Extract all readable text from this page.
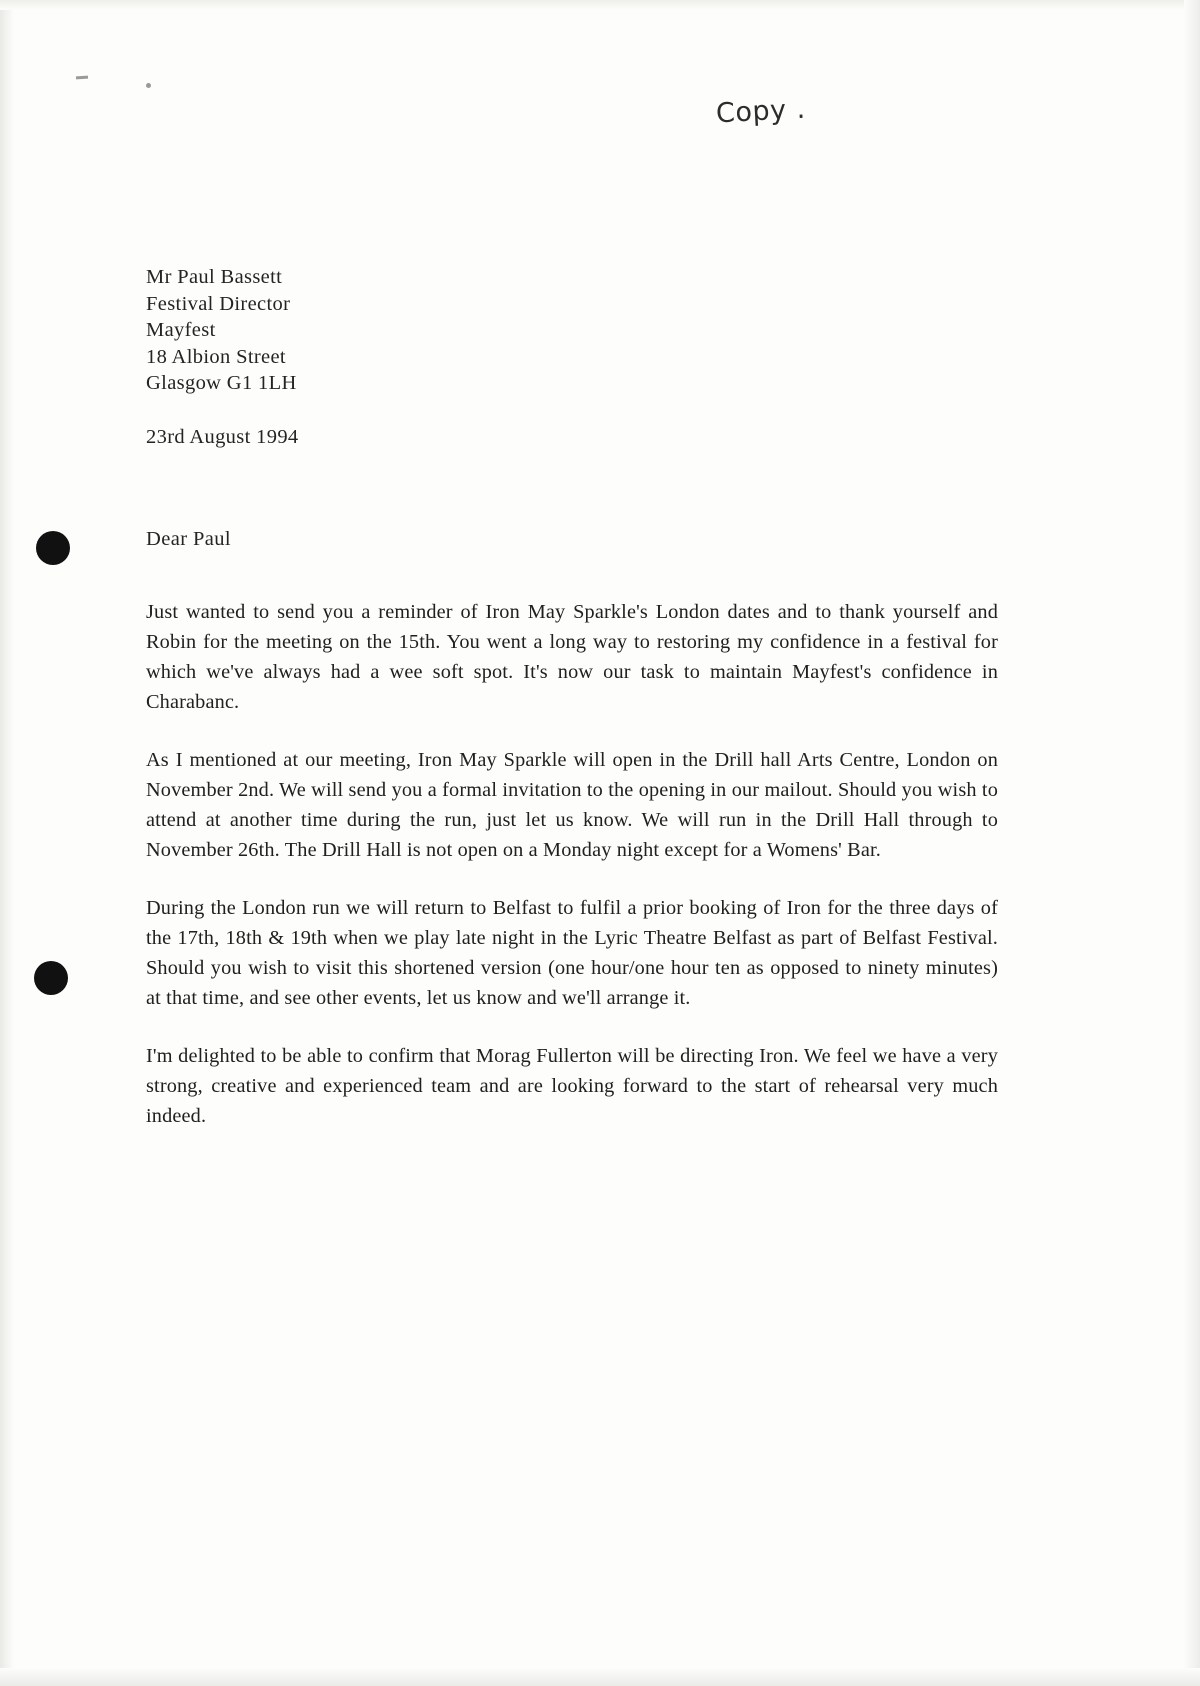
Copy .
Mr Paul Bassett
Festival Director
Mayfest
18 Albion Street
Glasgow G1 1LH
23rd August 1994
Dear Paul

Just wanted to send you a reminder of Iron May Sparkle's London dates and to thank yourself and Robin for the meeting on the 15th. You went a long way to restoring my confidence in a festival for which we've always had a wee soft spot. It's now our task to maintain Mayfest's confidence in Charabanc.

As I mentioned at our meeting, Iron May Sparkle will open in the Drill hall Arts Centre, London on November 2nd. We will send you a formal invitation to the opening in our mailout. Should you wish to attend at another time during the run, just let us know. We will run in the Drill Hall through to November 26th. The Drill Hall is not open on a Monday night except for a Womens' Bar.

During the London run we will return to Belfast to fulfil a prior booking of Iron for the three days of the 17th, 18th & 19th when we play late night in the Lyric Theatre Belfast as part of Belfast Festival. Should you wish to visit this shortened version (one hour/one hour ten as opposed to ninety minutes) at that time, and see other events, let us know and we'll arrange it.

I'm delighted to be able to confirm that Morag Fullerton will be directing Iron. We feel we have a very strong, creative and experienced team and are looking forward to the start of rehearsal very much indeed.
